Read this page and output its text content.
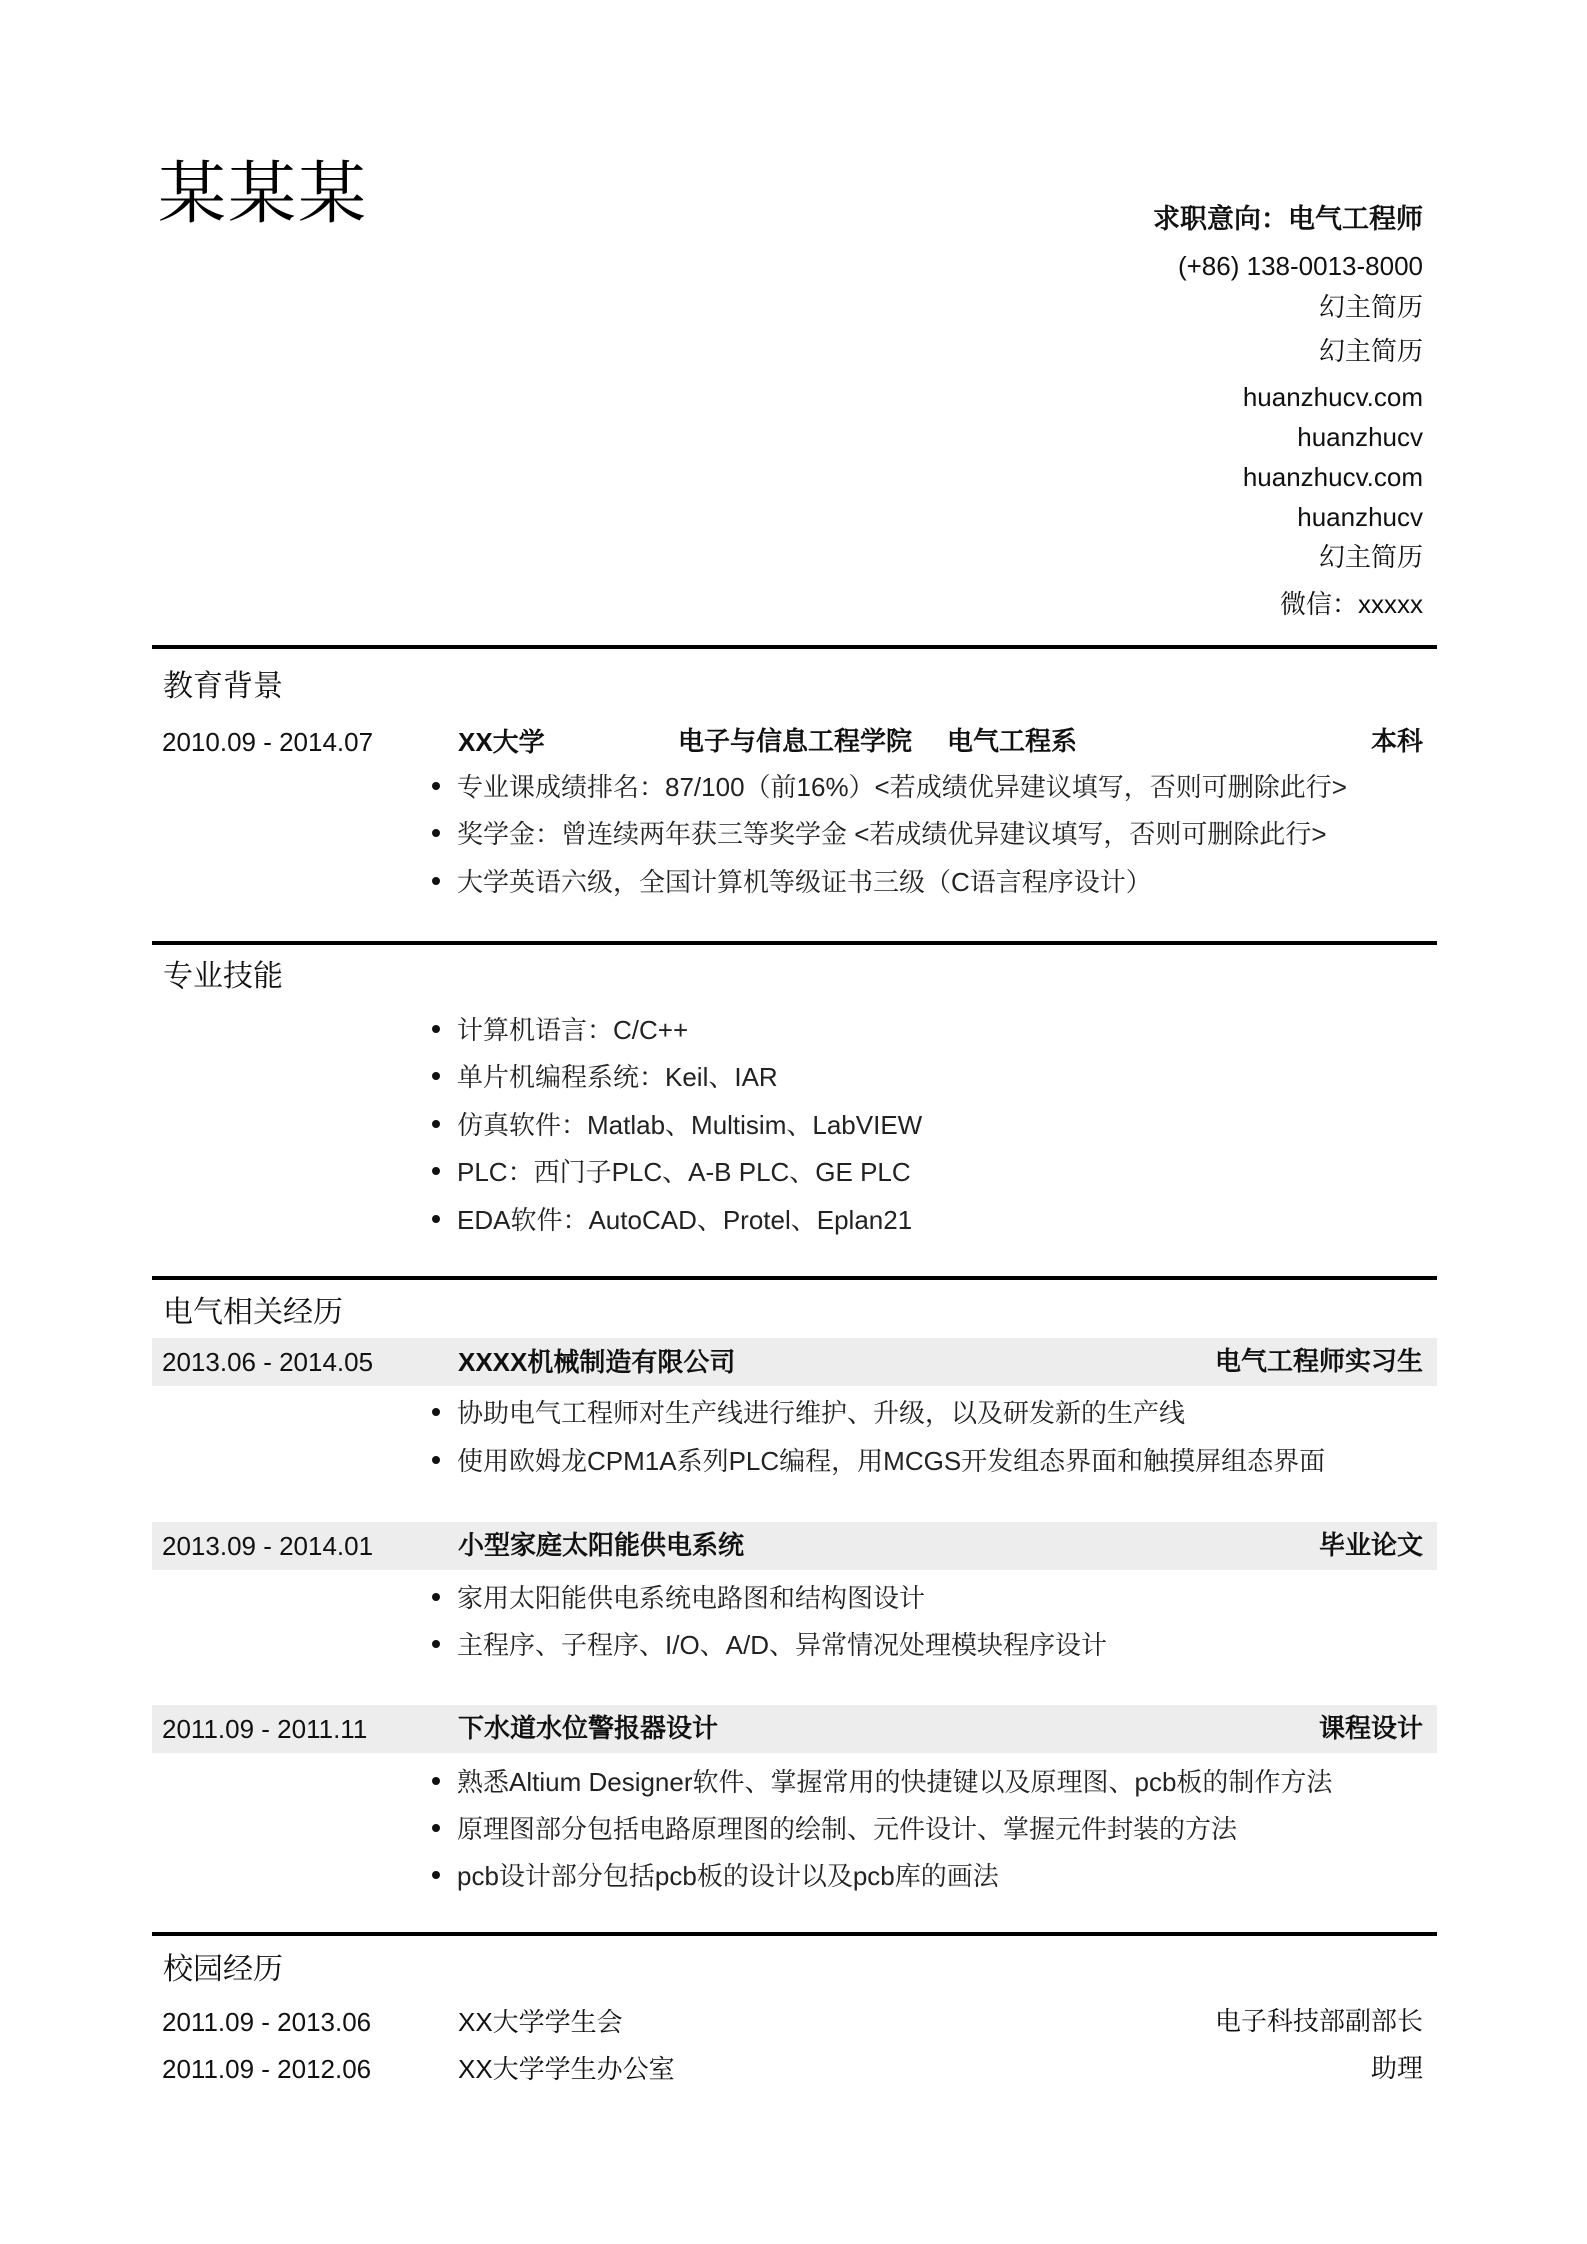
某某某	求职意向：电气工程师
(+86) 138-0013-8000
幻主简历
幻主简历
huanzhucv.com
huanzhucv
huanzhucv.com
huanzhucv
幻主简历
微信：xxxxx
教育背景
2010.09 - 2014.07	XX大学	电子与信息工程学院 电气工程系	本科
专业课成绩排名：87/100（前16%）<若成绩优异建议填写，否则可删除此行>
奖学金：曾连续两年获三等奖学金 <若成绩优异建议填写，否则可删除此行>
大学英语六级，全国计算机等级证书三级（C语言程序设计）
专业技能
计算机语言：C/C++
单片机编程系统：Keil、IAR
仿真软件：Matlab、Multisim、LabVIEW
PLC：西门子PLC、A-B PLC、GE PLC
EDA软件：AutoCAD、Protel、Eplan21
电气相关经历
2013.06 - 2014.05	XXXX机械制造有限公司	电气工程师实习生
协助电气工程师对生产线进行维护、升级，以及研发新的生产线
使用欧姆龙CPM1A系列PLC编程，用MCGS开发组态界面和触摸屏组态界面
2013.09 - 2014.01	小型家庭太阳能供电系统	毕业论文
家用太阳能供电系统电路图和结构图设计
主程序、子程序、I/O、A/D、异常情况处理模块程序设计
2011.09 - 2011.11	下水道水位警报器设计	课程设计
熟悉Altium Designer软件、掌握常用的快捷键以及原理图、pcb板的制作方法
原理图部分包括电路原理图的绘制、元件设计、掌握元件封装的方法
pcb设计部分包括pcb板的设计以及pcb库的画法
校园经历
2011.09 - 2013.06	XX大学学生会	电子科技部副部长
2011.09 - 2012.06	XX大学学生办公室	助理
